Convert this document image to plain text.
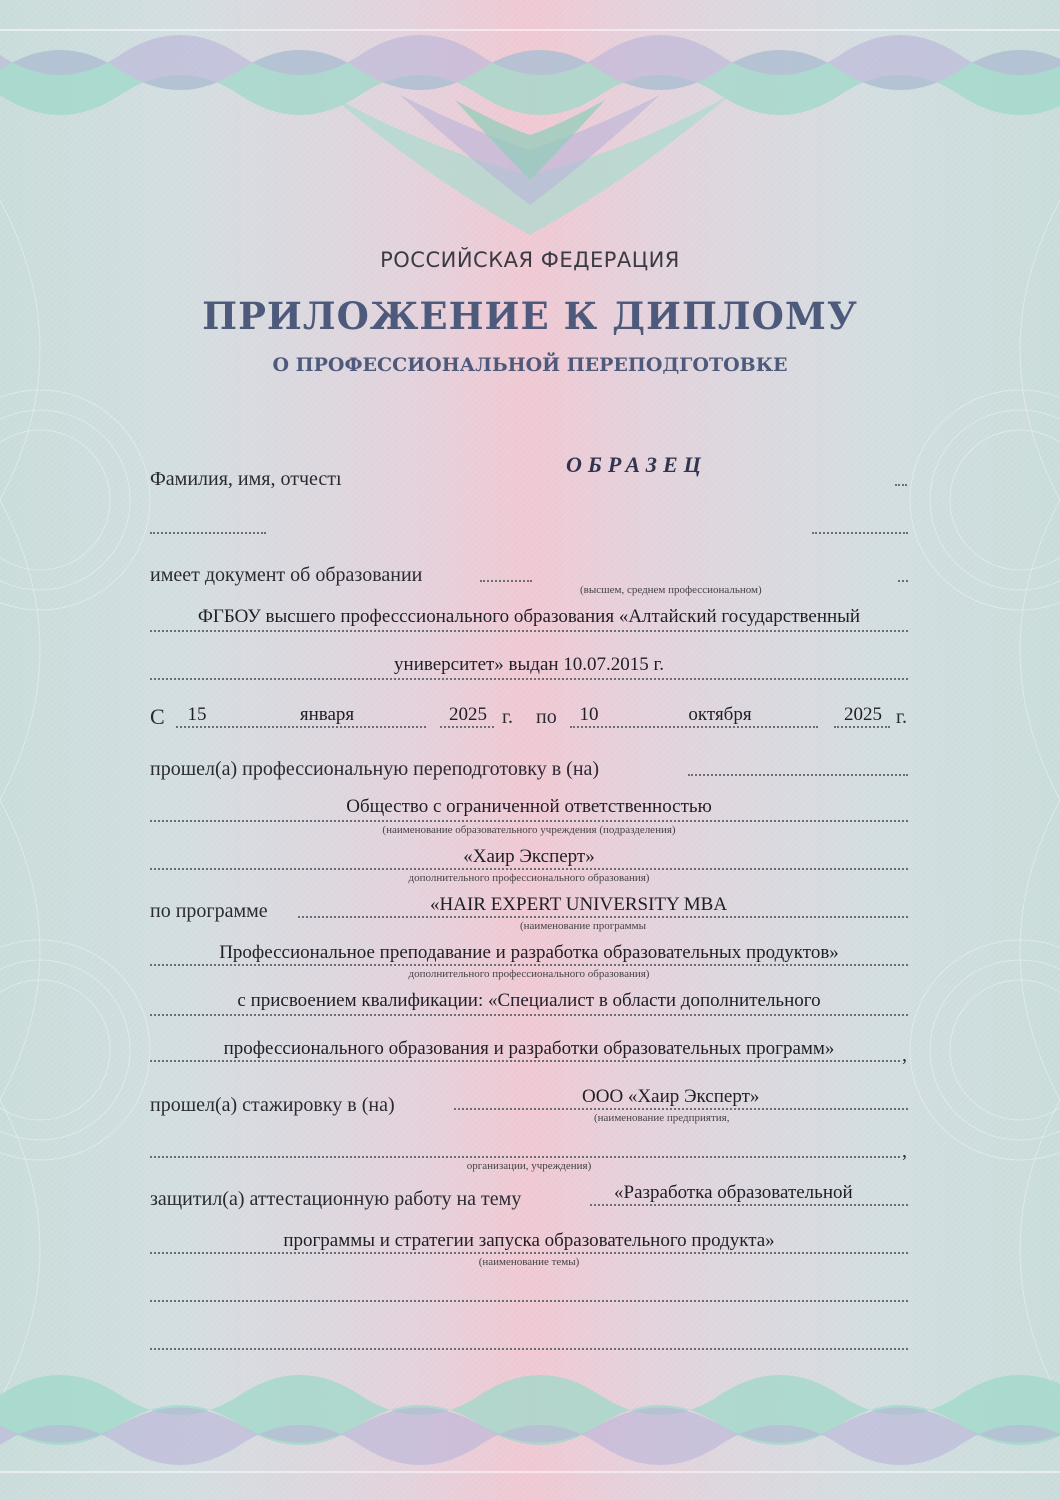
РОССИЙСКАЯ ФЕДЕРАЦИЯ
ПРИЛОЖЕНИЕ К ДИПЛОМУ
О ПРОФЕССИОНАЛЬНОЙ ПЕРЕПОДГОТОВКЕ
Фамилия, имя, отчестı
ОБРАЗЕЦ
имеет документ об образовании
(высшем, среднем профессиональном)
ФГБОУ высшего професссионального образования «Алтайский государственный
университет» выдан 10.07.2015 г.
С 15	января	2025 г. по 10	октября	2025 г.
прошел(а) профессиональную переподготовку в (на)
Общество с ограниченной ответственностью
(наименование образовательного учреждения (подразделения)
«Хаир Эксперт»
дополнительного профессионального образования)
по программе	«HAIR EXPERT UNIVERSITY MBA
(наименование программы
Профессиональное преподавание и разработка образовательных продуктов»
дополнительного профессионального образования)
с присвоением квалификации: «Специалист в области дополнительного
профессионального образования и разработки образовательных программ»	,
прошел(а) стажировку в (на)	ООО «Хаир Эксперт»
(наименование предприятия,
,
организации, учреждения)
защитил(а) аттестационную работу на тему	«Разработка образовательной
программы и стратегии запуска образовательного продукта»
(наименование темы)
